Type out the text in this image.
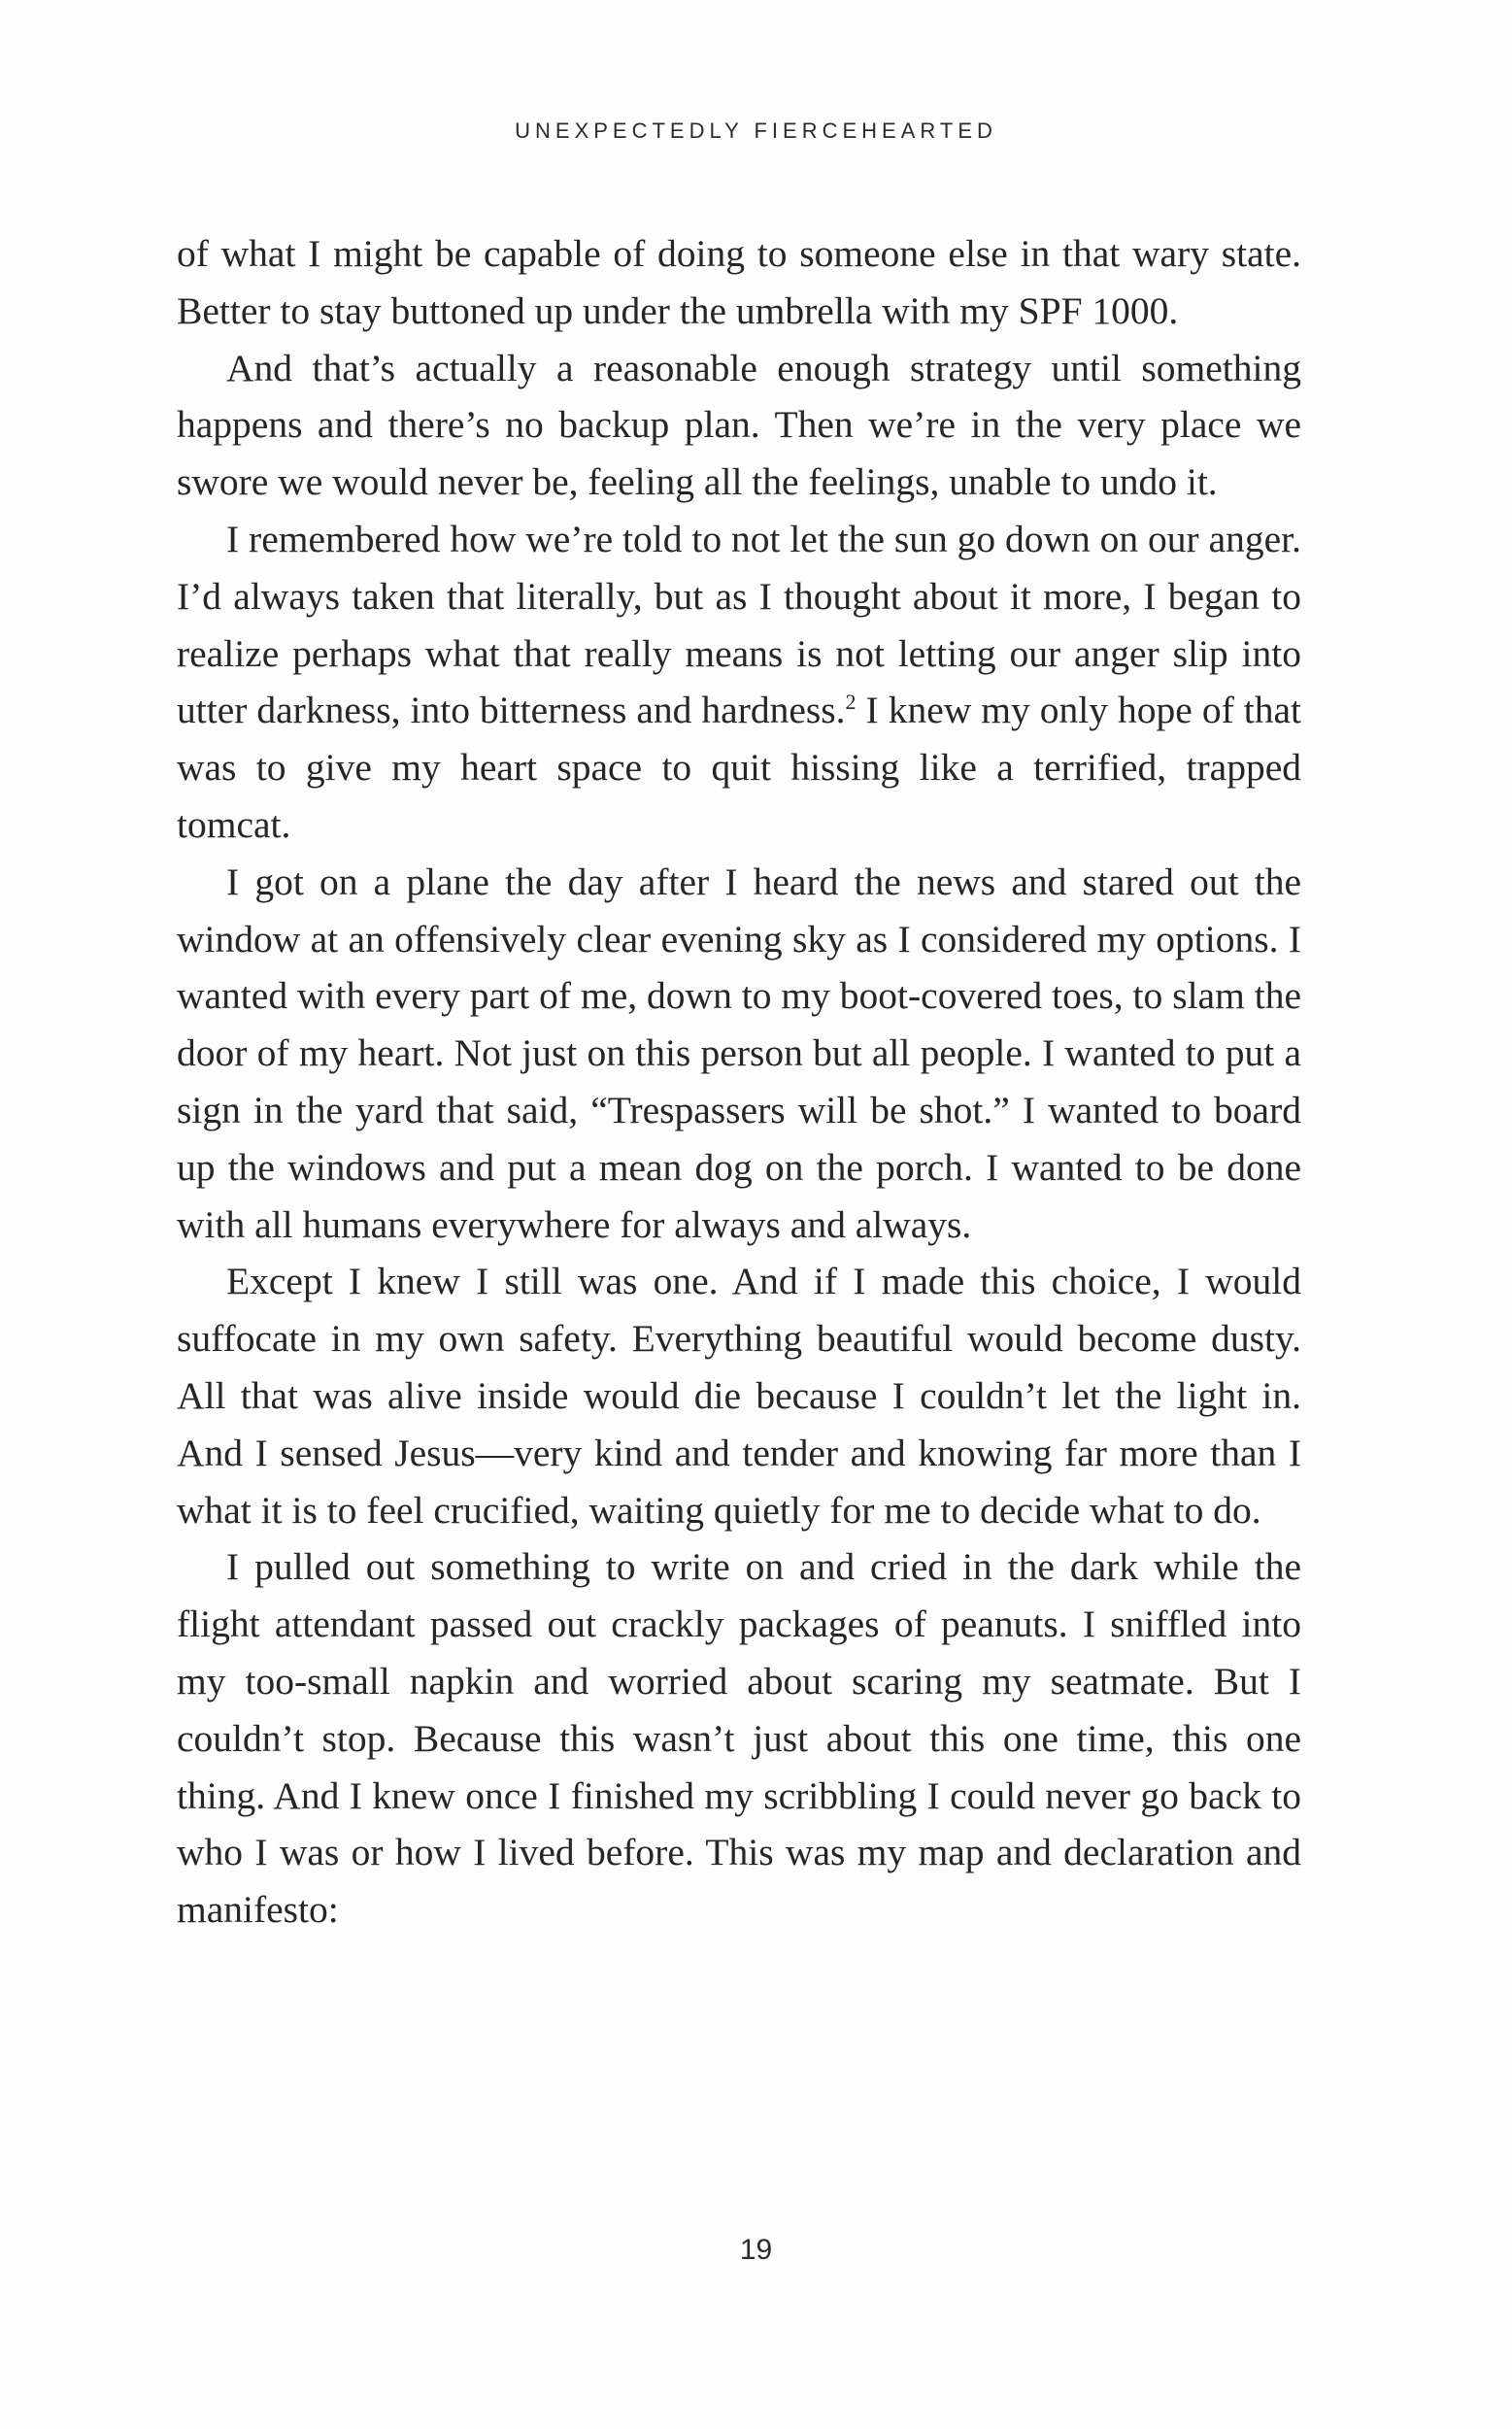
UNEXPECTEDLY FIERCEHEARTED

of what I might be capable of doing to someone else in that wary state. Better to stay buttoned up under the umbrella with my SPF 1000.

And that’s actually a reasonable enough strategy until something happens and there’s no backup plan. Then we’re in the very place we swore we would never be, feeling all the feelings, unable to undo it.

I remembered how we’re told to not let the sun go down on our anger. I’d always taken that literally, but as I thought about it more, I began to realize perhaps what that really means is not letting our anger slip into utter darkness, into bitterness and hardness.$^2$ I knew my only hope of that was to give my heart space to quit hissing like a terrified, trapped tomcat.

I got on a plane the day after I heard the news and stared out the window at an offensively clear evening sky as I considered my options. I wanted with every part of me, down to my boot-covered toes, to slam the door of my heart. Not just on this person but all people. I wanted to put a sign in the yard that said, “Trespassers will be shot.” I wanted to board up the windows and put a mean dog on the porch. I wanted to be done with all humans everywhere for always and always.

Except I knew I still was one. And if I made this choice, I would suffocate in my own safety. Everything beautiful would become dusty. All that was alive inside would die because I couldn’t let the light in. And I sensed Jesus—very kind and tender and knowing far more than I what it is to feel crucified, waiting quietly for me to decide what to do.

I pulled out something to write on and cried in the dark while the flight attendant passed out crackly packages of peanuts. I sniffled into my too-small napkin and worried about scaring my seatmate. But I couldn’t stop. Because this wasn’t just about this one time, this one thing. And I knew once I finished my scribbling I could never go back to who I was or how I lived before. This was my map and declaration and manifesto:

19
